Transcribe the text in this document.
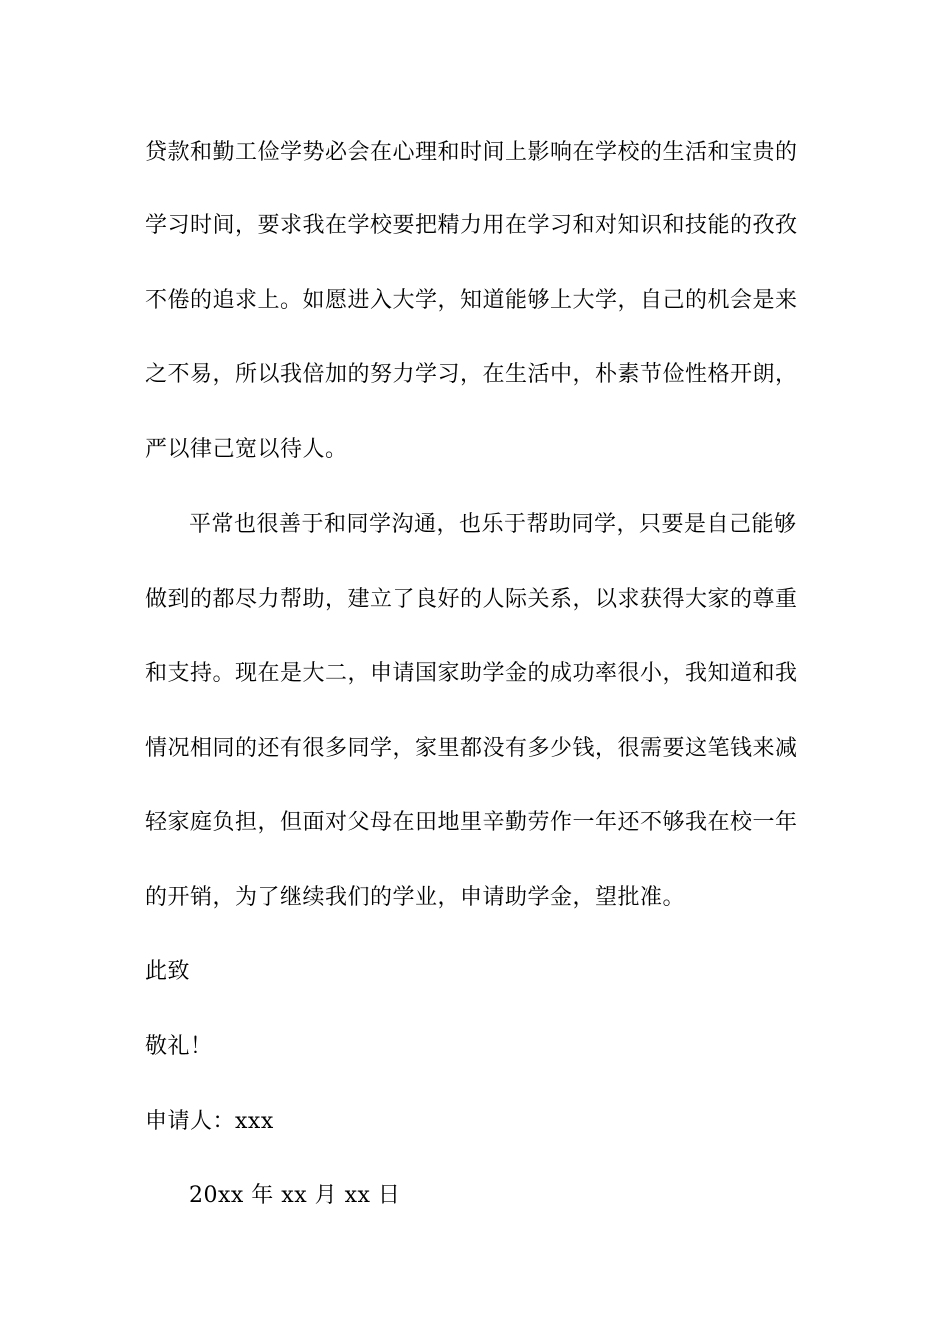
贷款和勤工俭学势必会在心理和时间上影响在学校的生活和宝贵的
学习时间，要求我在学校要把精力用在学习和对知识和技能的孜孜
不倦的追求上。如愿进入大学，知道能够上大学，自己的机会是来
之不易，所以我倍加的努力学习，在生活中，朴素节俭性格开朗，
严以律己宽以待人。
平常也很善于和同学沟通，也乐于帮助同学，只要是自己能够
做到的都尽力帮助，建立了良好的人际关系，以求获得大家的尊重
和支持。现在是大二，申请国家助学金的成功率很小，我知道和我
情况相同的还有很多同学，家里都没有多少钱，很需要这笔钱来减
轻家庭负担，但面对父母在田地里辛勤劳作一年还不够我在校一年
的开销，为了继续我们的学业，申请助学金，望批准。
此致
敬礼！
申请人：xxx
20xx 年 xx 月 xx 日
